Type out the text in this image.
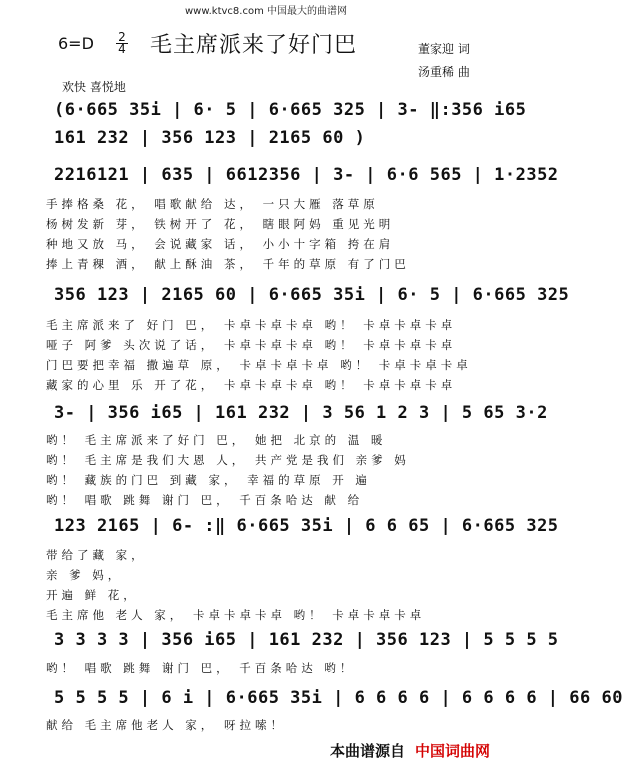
www.ktvc8.com 中国最大的曲谱网
6=D 2
4 毛主席派来了好门巴	董家迎 词
汤重稀 曲
欢快 喜悦地
(6·665 35i | 6· 5 | 6·665 325 | 3- ‖:356 i65
161 232 | 356 123 | 2165 60 )
2216121 | 635 | 6612356 | 3- | 6·6 565 | 1·2352
手捧格桑 花， 唱歌献给 达， 一只大雁 落草原
杨树发新 芽， 铁树开了 花， 瞎眼阿妈 重见光明
种地又放 马， 会说藏家 话， 小小十字箱 挎在肩
捧上青稞 酒， 献上酥油 茶， 千年的草原 有了门巴
356 123 | 2165 60 | 6·665 35i | 6· 5 | 6·665 325
毛主席派来了 好门 巴， 卡卓卡卓卡卓 哟！ 卡卓卡卓卡卓
哑子 阿爹 头次说了话， 卡卓卡卓卡卓 哟！ 卡卓卡卓卡卓
门巴要把幸福 撒遍草 原， 卡卓卡卓卡卓 哟！ 卡卓卡卓卡卓
藏家的心里 乐 开了花， 卡卓卡卓卡卓 哟！ 卡卓卡卓卡卓
3- | 356 i65 | 161 232 | 3 56 1 2 3 | 5 65 3·2
哟！ 毛主席派来了好门 巴， 她把 北京的 温 暖
哟！ 毛主席是我们大恩 人， 共产党是我们 亲爹 妈
哟！ 藏族的门巴 到藏 家， 幸福的草原 开 遍
哟！ 唱歌 跳舞 谢门 巴， 千百条哈达 献 给
123 2165 | 6- :‖ 6·665 35i | 6 6 65 | 6·665 325
带给了藏 家，
亲 爹 妈，
开遍 鲜 花，
毛主席他 老人 家， 卡卓卡卓卡卓 哟！ 卡卓卡卓卡卓
3 3 3 3 | 356 i65 | 161 232 | 356 123 | 5 5 5 5
哟！ 唱歌 跳舞 谢门 巴， 千百条哈达 哟！
5 5 5 5 | 6 i | 6·665 35i | 6 6 6 6 | 6 6 6 6 | 66 60
献给 毛主席他老人 家， 呀拉嗦！
本曲谱源自 中国词曲网
